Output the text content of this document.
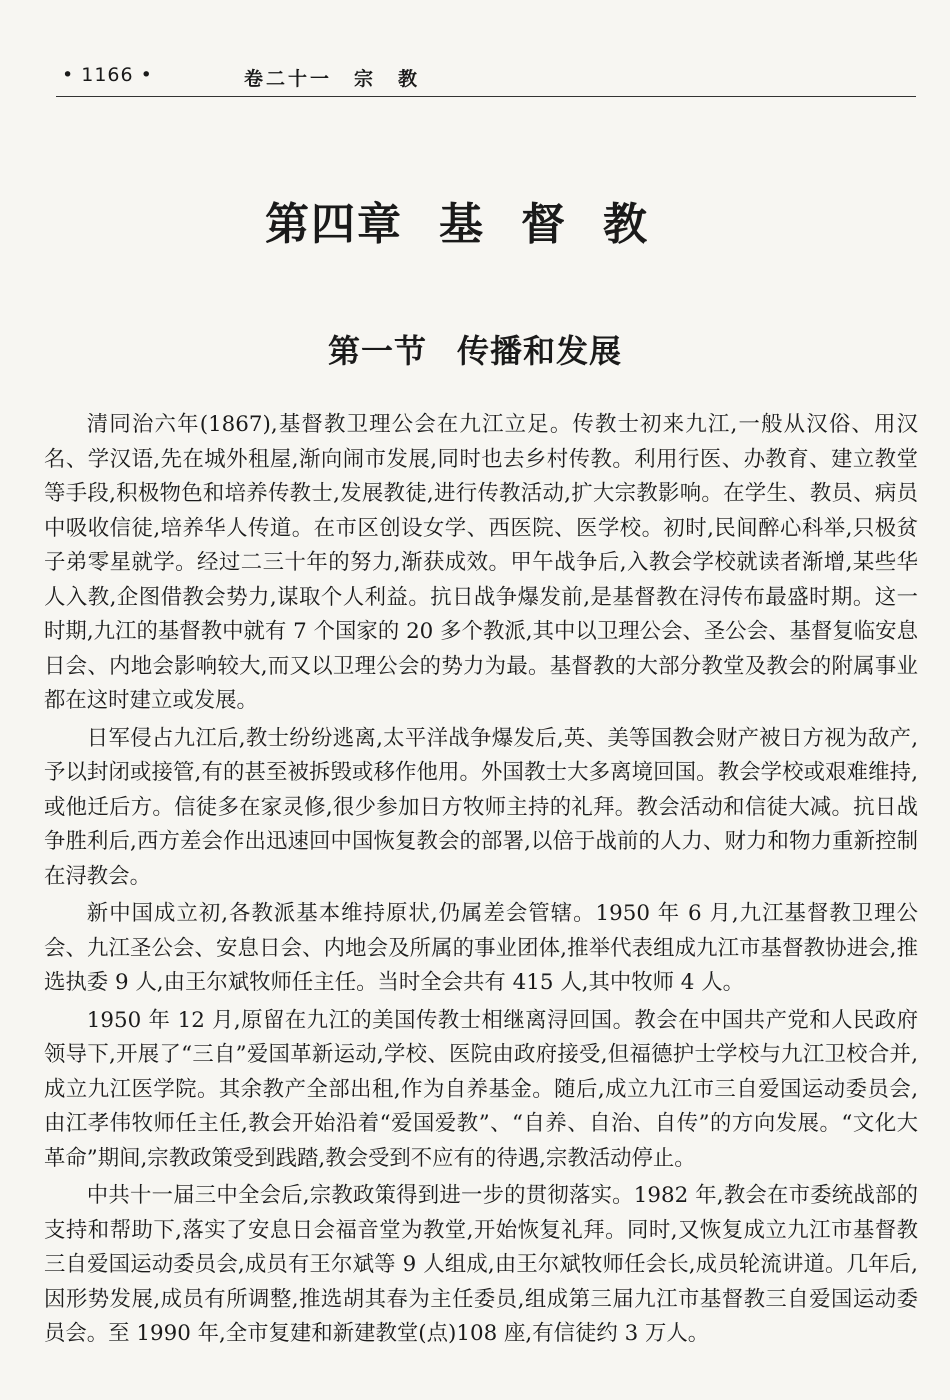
• 1166 •	卷二十一　宗　教
第四章 基督教
第一节 传播和发展

清同治六年(1867),基督教卫理公会在九江立足。传教士初来九江,一般从汉俗、用汉名、学汉语,先在城外租屋,渐向闹市发展,同时也去乡村传教。利用行医、办教育、建立教堂等手段,积极物色和培养传教士,发展教徒,进行传教活动,扩大宗教影响。在学生、教员、病员中吸收信徒,培养华人传道。在市区创设女学、西医院、医学校。初时,民间醉心科举,只极贫子弟零星就学。经过二三十年的努力,渐获成效。甲午战争后,入教会学校就读者渐增,某些华人入教,企图借教会势力,谋取个人利益。抗日战争爆发前,是基督教在浔传布最盛时期。这一时期,九江的基督教中就有 7 个国家的 20 多个教派,其中以卫理公会、圣公会、基督复临安息日会、内地会影响较大,而又以卫理公会的势力为最。基督教的大部分教堂及教会的附属事业都在这时建立或发展。

日军侵占九江后,教士纷纷逃离,太平洋战争爆发后,英、美等国教会财产被日方视为敌产,予以封闭或接管,有的甚至被拆毁或移作他用。外国教士大多离境回国。教会学校或艰难维持,或他迁后方。信徒多在家灵修,很少参加日方牧师主持的礼拜。教会活动和信徒大减。抗日战争胜利后,西方差会作出迅速回中国恢复教会的部署,以倍于战前的人力、财力和物力重新控制在浔教会。

新中国成立初,各教派基本维持原状,仍属差会管辖。1950 年 6 月,九江基督教卫理公会、九江圣公会、安息日会、内地会及所属的事业团体,推举代表组成九江市基督教协进会,推选执委 9 人,由王尔斌牧师任主任。当时全会共有 415 人,其中牧师 4 人。

1950 年 12 月,原留在九江的美国传教士相继离浔回国。教会在中国共产党和人民政府领导下,开展了“三自”爱国革新运动,学校、医院由政府接受,但福德护士学校与九江卫校合并,成立九江医学院。其余教产全部出租,作为自养基金。随后,成立九江市三自爱国运动委员会,由江孝伟牧师任主任,教会开始沿着“爱国爱教”、“自养、自治、自传”的方向发展。“文化大革命”期间,宗教政策受到践踏,教会受到不应有的待遇,宗教活动停止。

中共十一届三中全会后,宗教政策得到进一步的贯彻落实。1982 年,教会在市委统战部的支持和帮助下,落实了安息日会福音堂为教堂,开始恢复礼拜。同时,又恢复成立九江市基督教三自爱国运动委员会,成员有王尔斌等 9 人组成,由王尔斌牧师任会长,成员轮流讲道。几年后,因形势发展,成员有所调整,推选胡其春为主任委员,组成第三届九江市基督教三自爱国运动委员会。至 1990 年,全市复建和新建教堂(点)108 座,有信徒约 3 万人。
